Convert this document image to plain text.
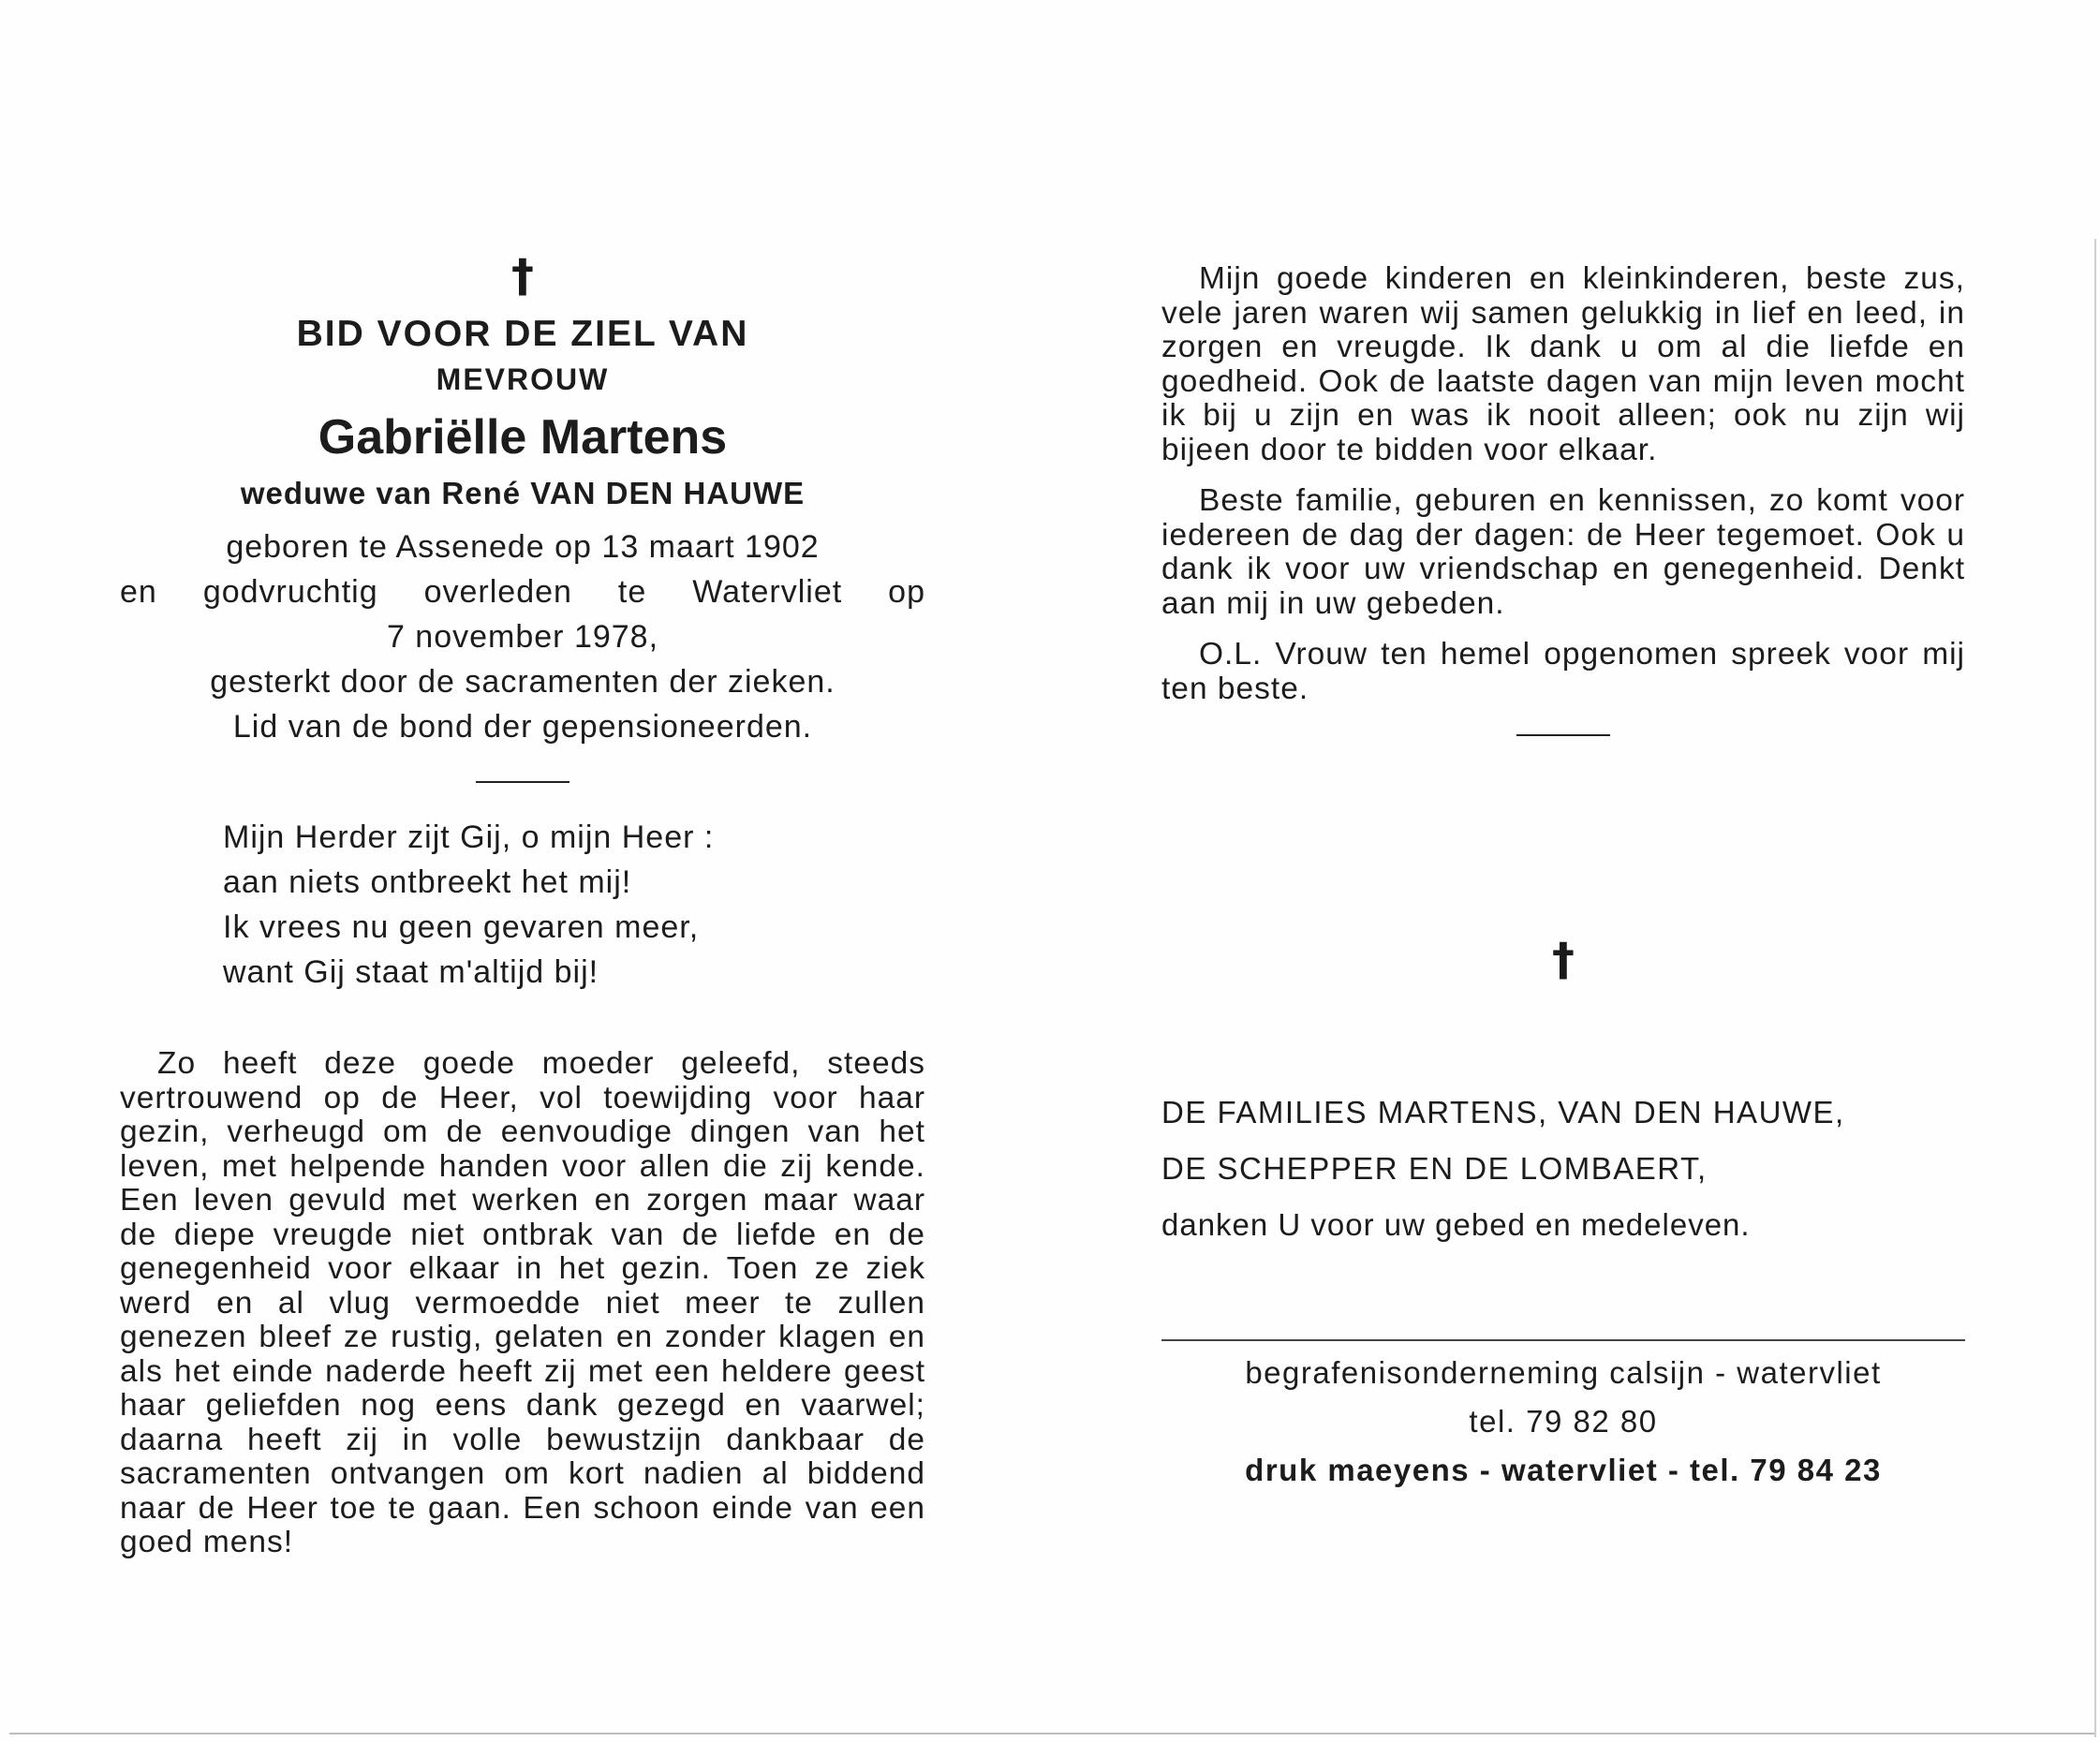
†
BID VOOR DE ZIEL VAN
MEVROUW
Gabriëlle Martens
weduwe van René VAN DEN HAUWE

geboren te Assenede op 13 maart 1902

en godvruchtig overleden te Watervliet op

7 november 1978,

gesterkt door de sacramenten der zieken.

Lid van de bond der gepensioneerden.

Mijn Herder zijt Gij, o mijn Heer :

aan niets ontbreekt het mij!

Ik vrees nu geen gevaren meer,

want Gij staat m'altijd bij!

Zo heeft deze goede moeder geleefd, steeds vertrouwend op de Heer, vol toewijding voor haar gezin, verheugd om de eenvoudige dingen van het leven, met helpende handen voor allen die zij kende. Een leven gevuld met werken en zorgen maar waar de diepe vreugde niet ontbrak van de liefde en de genegenheid voor elkaar in het gezin. Toen ze ziek werd en al vlug vermoedde niet meer te zullen genezen bleef ze rustig, gelaten en zonder klagen en als het einde naderde heeft zij met een heldere geest haar geliefden nog eens dank gezegd en vaarwel; daarna heeft zij in volle bewustzijn dankbaar de sacramenten ontvangen om kort nadien al biddend naar de Heer toe te gaan. Een schoon einde van een goed mens!

Mijn goede kinderen en kleinkinderen, beste zus, vele jaren waren wij samen gelukkig in lief en leed, in zorgen en vreugde. Ik dank u om al die liefde en goedheid. Ook de laatste dagen van mijn leven mocht ik bij u zijn en was ik nooit alleen; ook nu zijn wij bijeen door te bidden voor elkaar.

Beste familie, geburen en kennissen, zo komt voor iedereen de dag der dagen: de Heer tegemoet. Ook u dank ik voor uw vriendschap en genegenheid. Denkt aan mij in uw gebeden.

O.L. Vrouw ten hemel opgenomen spreek voor mij ten beste.

†

DE FAMILIES MARTENS, VAN DEN HAUWE,

DE SCHEPPER EN DE LOMBAERT,

danken U voor uw gebed en medeleven.

begrafenisonderneming calsijn - watervliet

tel. 79 82 80

druk maeyens - watervliet - tel. 79 84 23
